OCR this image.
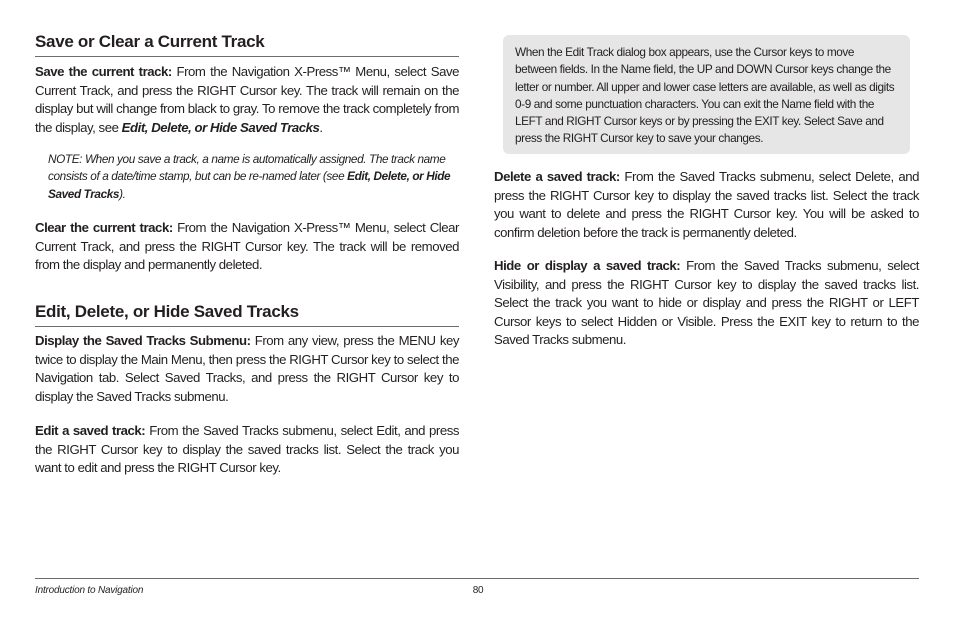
Save or Clear a Current Track

Save the current track: From the Navigation X-Press™ Menu, select Save Current Track, and press the RIGHT Cursor key. The track will remain on the display but will change from black to gray. To remove the track completely from the display, see Edit, Delete, or Hide Saved Tracks.

NOTE: When you save a track, a name is automatically assigned. The track name consists of a date/time stamp, but can be re-named later (see Edit, Delete, or Hide Saved Tracks).

Clear the current track: From the Navigation X-Press™ Menu, select Clear Current Track, and press the RIGHT Cursor key. The track will be removed from the display and permanently deleted.

Edit, Delete, or Hide Saved Tracks

Display the Saved Tracks Submenu: From any view, press the MENU key twice to display the Main Menu, then press the RIGHT Cursor key to select the Navigation tab. Select Saved Tracks, and press the RIGHT Cursor key to display the Saved Tracks submenu.

Edit a saved track: From the Saved Tracks submenu, select Edit, and press the RIGHT Cursor key to display the saved tracks list. Select the track you want to edit and press the RIGHT Cursor key.

When the Edit Track dialog box appears, use the Cursor keys to move between fields. In the Name field, the UP and DOWN Cursor keys change the letter or number. All upper and lower case letters are available, as well as digits 0-9 and some punctuation characters. You can exit the Name field with the LEFT and RIGHT Cursor keys or by pressing the EXIT key. Select Save and press the RIGHT Cursor key to save your changes.

Delete a saved track: From the Saved Tracks submenu, select Delete, and press the RIGHT Cursor key to display the saved tracks list. Select the track you want to delete and press the RIGHT Cursor key. You will be asked to confirm deletion before the track is permanently deleted.

Hide or display a saved track: From the Saved Tracks submenu, select Visibility, and press the RIGHT Cursor key to display the saved tracks list. Select the track you want to hide or display and press the RIGHT or LEFT Cursor keys to select Hidden or Visible. Press the EXIT key to return to the Saved Tracks submenu.

Introduction to Navigation	80
